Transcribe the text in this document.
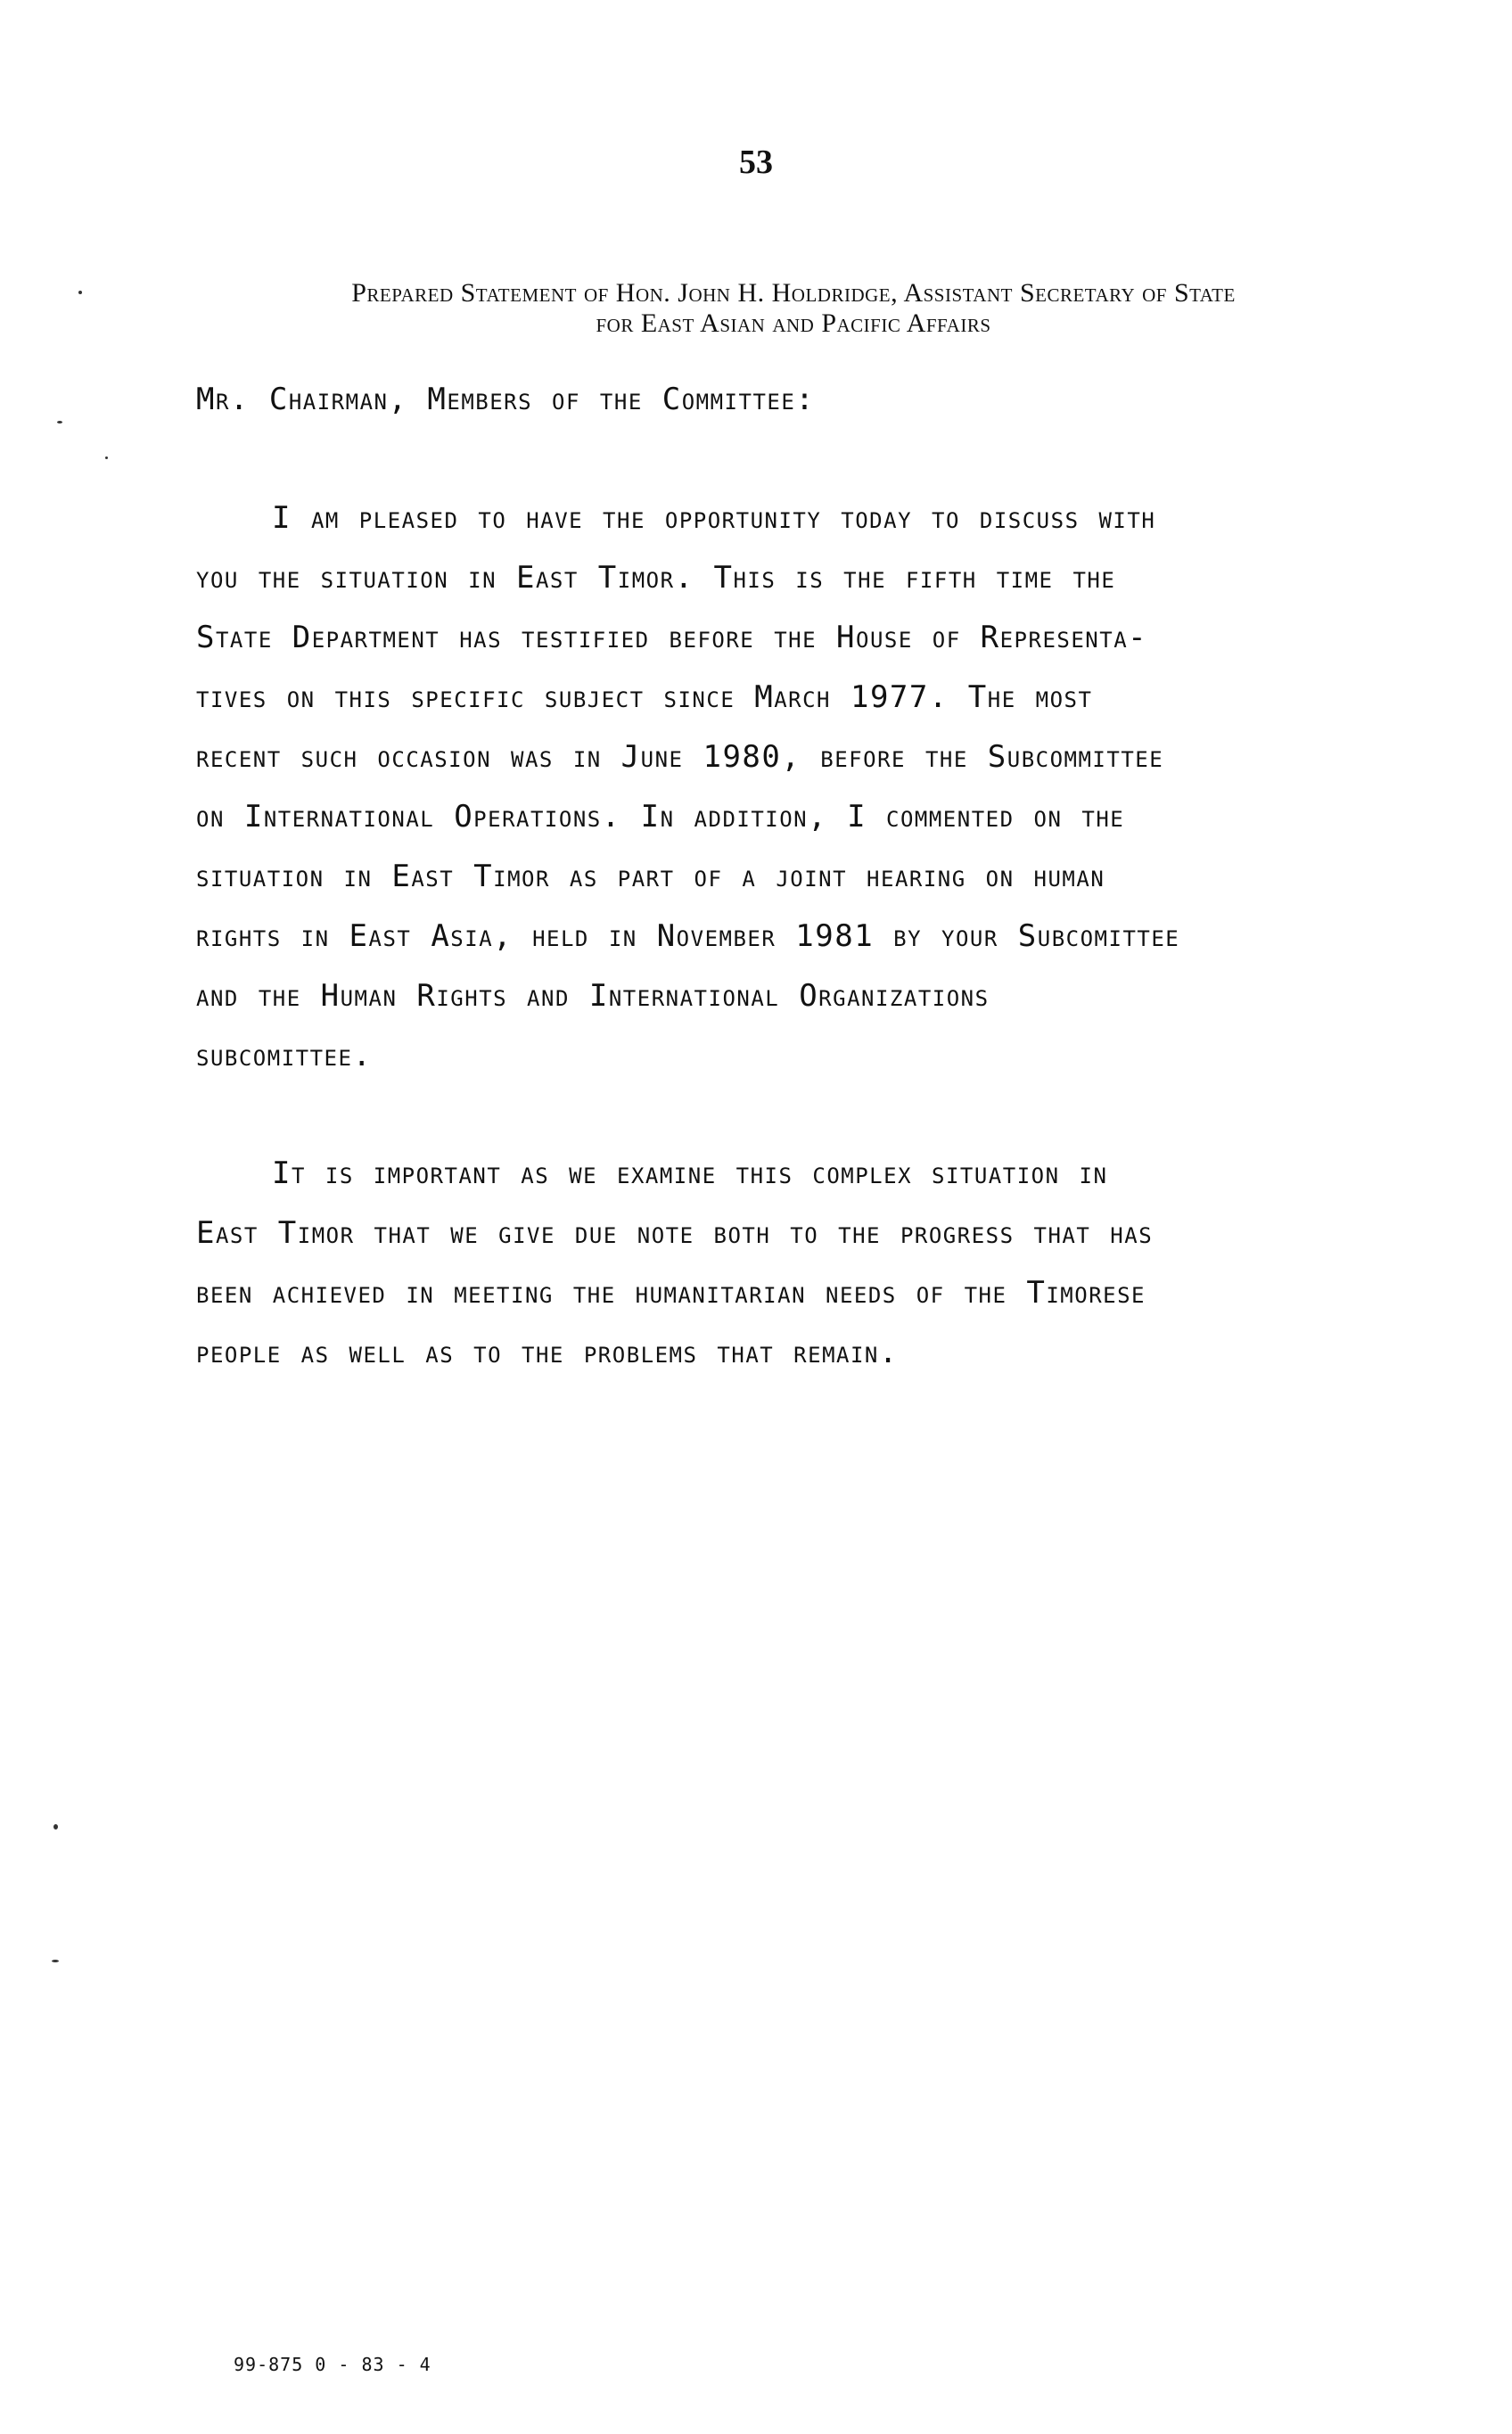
53
Prepared Statement of Hon. John H. Holdridge, Assistant Secretary of State
for East Asian and Pacific Affairs
Mr. Chairman, Members of the Committee:
I am pleased to have the opportunity today to discuss with
you the situation in East Timor. This is the fifth time the
State Department has testified before the House of Representa-
tives on this specific subject since March 1977. The most
recent such occasion was in June 1980, before the Subcommittee
on International Operations. In addition, I commented on the
situation in East Timor as part of a joint hearing on human
rights in East Asia, held in November 1981 by your Subcomittee
and the Human Rights and International Organizations
subcomittee.
It is important as we examine this complex situation in
East Timor that we give due note both to the progress that has
been achieved in meeting the humanitarian needs of the Timorese
people as well as to the problems that remain.
99-875 0 - 83 - 4
